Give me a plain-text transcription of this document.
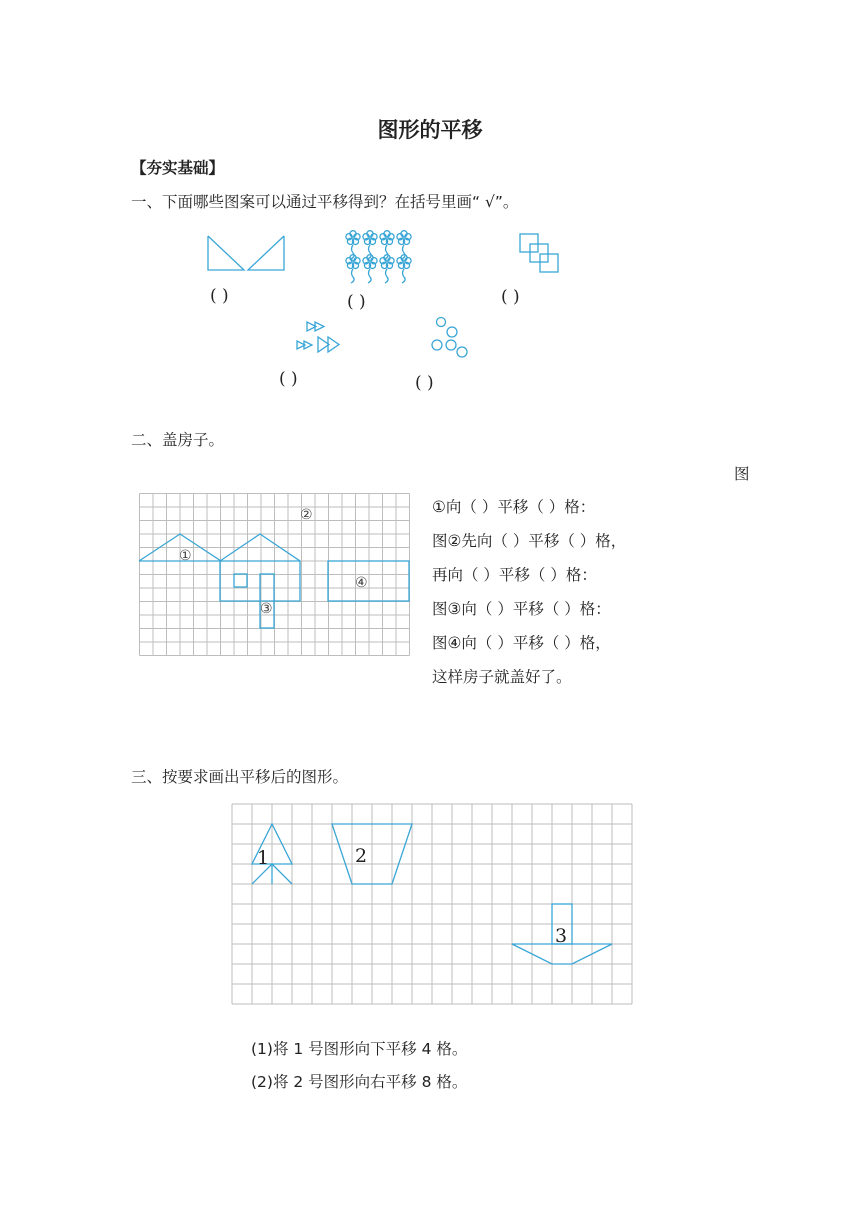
图形的平移
【夯实基础】
一、下面哪些图案可以通过平移得到？在括号里画“ √”。
( )	( )	( )
( )	( )
二、盖房子。
①
②
③
④
图
①向（ ）平移（ ）格：
图②先向（ ）平移（ ）格，
再向（ ）平移（ ）格：
图③向（ ）平移（ ）格：
图④向（ ）平移（ ）格，
这样房子就盖好了。
三、按要求画出平移后的图形。
1	2
3
(1)将 1 号图形向下平移 4 格。
(2)将 2 号图形向右平移 8 格。
